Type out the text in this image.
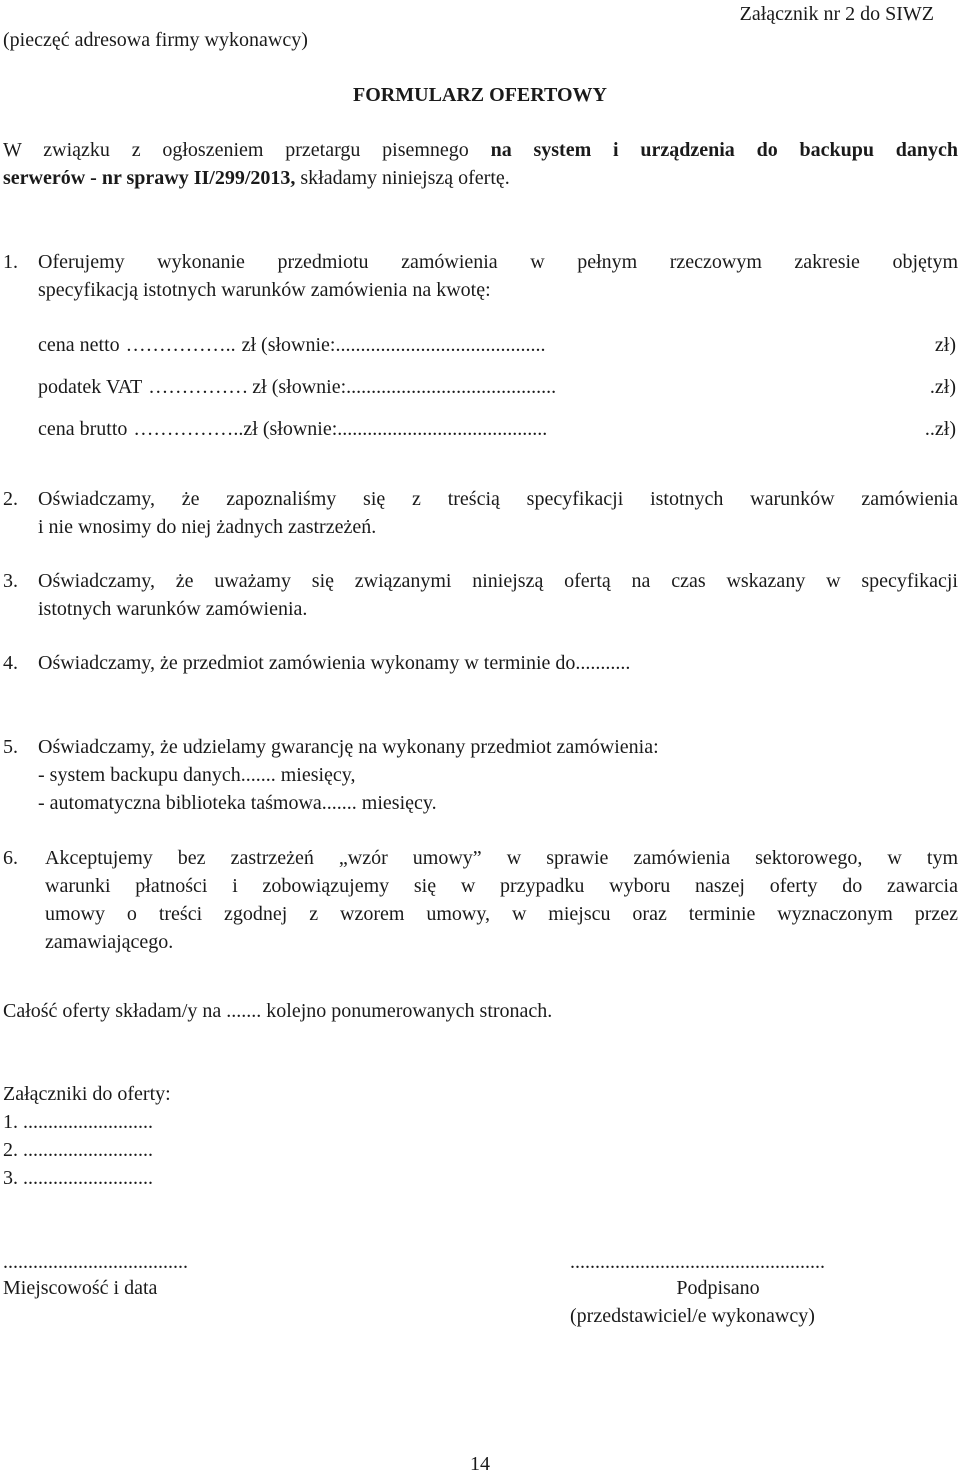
(pieczęć adresowa firmy wykonawcy)
Załącznik nr 2 do SIWZ
FORMULARZ OFERTOWY
W związku z ogłoszeniem przetargu pisemnego na system i urządzenia do backupu danych
serwerów - nr sprawy II/299/2013, składamy niniejszą ofertę.
1. Oferujemy wykonanie przedmiotu zamówienia w pełnym rzeczowym zakresie objętym
specyfikacją istotnych warunków zamówienia na kwotę:
cena netto …………….. zł (słownie: ..........................................	zł)
podatek VAT …………… zł (słownie: ..........................................	.zł)
cena brutto …………….. zł (słownie: ..........................................	..zł)
2. Oświadczamy, że zapoznaliśmy się z treścią specyfikacji istotnych warunków zamówienia
i nie wnosimy do niej żadnych zastrzeżeń.
3. Oświadczamy, że uważamy się związanymi niniejszą ofertą na czas wskazany w specyfikacji
istotnych warunków zamówienia.
4. Oświadczamy, że przedmiot zamówienia wykonamy w terminie do...........
5. Oświadczamy, że udzielamy gwarancję na wykonany przedmiot zamówienia:
- system backupu danych....... miesięcy,
- automatyczna biblioteka taśmowa....... miesięcy.
6. Akceptujemy bez zastrzeżeń „wzór umowy” w sprawie zamówienia sektorowego, w tym
warunki płatności i zobowiązujemy się w przypadku wyboru naszej oferty do zawarcia
umowy o treści zgodnej z wzorem umowy, w miejscu oraz terminie wyznaczonym przez
zamawiającego.
Całość oferty składam/y na ....... kolejno ponumerowanych stronach.
Załączniki do oferty:
1. ..........................
2. ..........................
3. ..........................
.....................................
Miejscowość i data
...................................................
Podpisano
(przedstawiciel/e wykonawcy)
14
